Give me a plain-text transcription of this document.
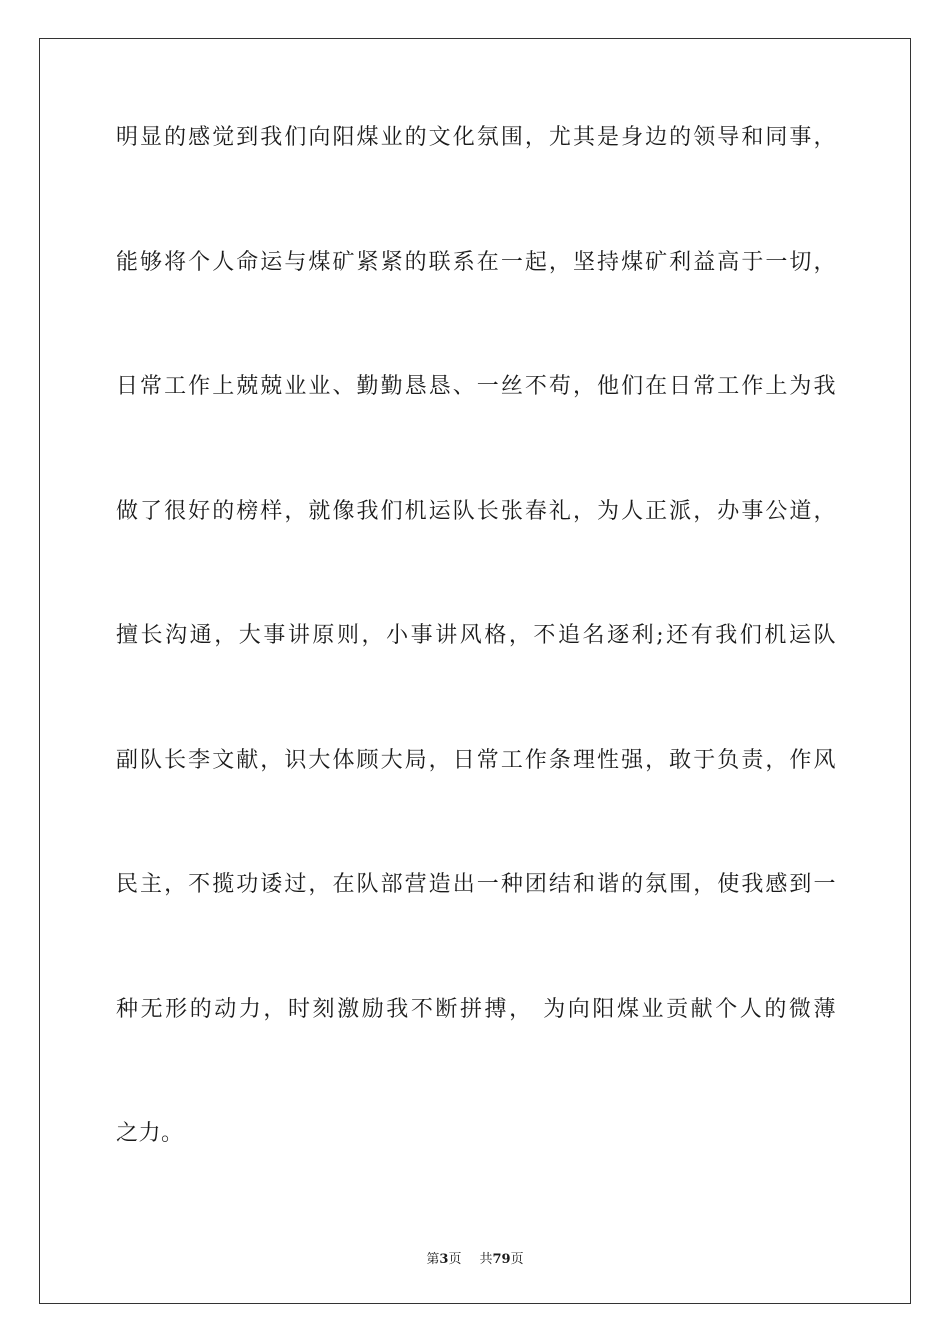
明显的感觉到我们向阳煤业的文化氛围，尤其是身边的领导和同事，
能够将个人命运与煤矿紧紧的联系在一起，坚持煤矿利益高于一切，
日常工作上兢兢业业、勤勤恳恳、一丝不苟，他们在日常工作上为我
做了很好的榜样，就像我们机运队长张春礼，为人正派，办事公道，
擅长沟通，大事讲原则，小事讲风格，不追名逐利;还有我们机运队
副队长李文献，识大体顾大局，日常工作条理性强，敢于负责，作风
民主，不揽功诿过，在队部营造出一种团结和谐的氛围，使我感到一
种无形的动力，时刻激励我不断拼搏， 为向阳煤业贡献个人的微薄
之力。
第3页 共79页
